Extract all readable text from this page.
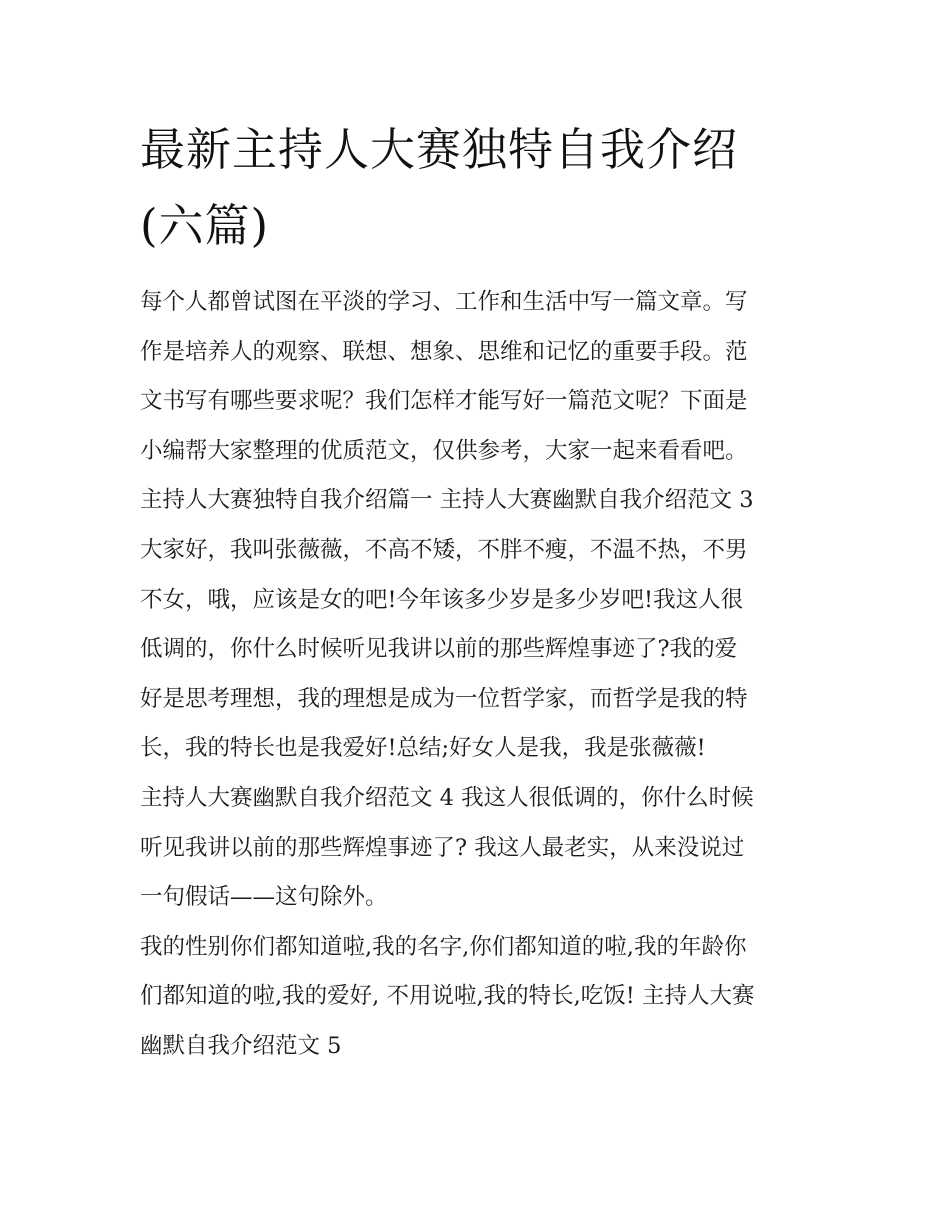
最新主持人大赛独特自我介绍
(六篇)
每个人都曾试图在平淡的学习、工作和生活中写一篇文章。写
作是培养人的观察、联想、想象、思维和记忆的重要手段。范
文书写有哪些要求呢？我们怎样才能写好一篇范文呢？下面是
小编帮大家整理的优质范文，仅供参考，大家一起来看看吧。
主持人大赛独特自我介绍篇一 主持人大赛幽默自我介绍范文 3
大家好，我叫张薇薇，不高不矮，不胖不瘦，不温不热，不男
不女，哦，应该是女的吧!今年该多少岁是多少岁吧!我这人很
低调的，你什么时候听见我讲以前的那些辉煌事迹了?我的爱
好是思考理想，我的理想是成为一位哲学家，而哲学是我的特
长，我的特长也是我爱好!总结;好女人是我，我是张薇薇!
主持人大赛幽默自我介绍范文 4 我这人很低调的，你什么时候
听见我讲以前的那些辉煌事迹了? 我这人最老实，从来没说过
一句假话——这句除外。
我的性别你们都知道啦,我的名字,你们都知道的啦,我的年龄你
们都知道的啦,我的爱好, 不用说啦,我的特长,吃饭! 主持人大赛
幽默自我介绍范文 5
